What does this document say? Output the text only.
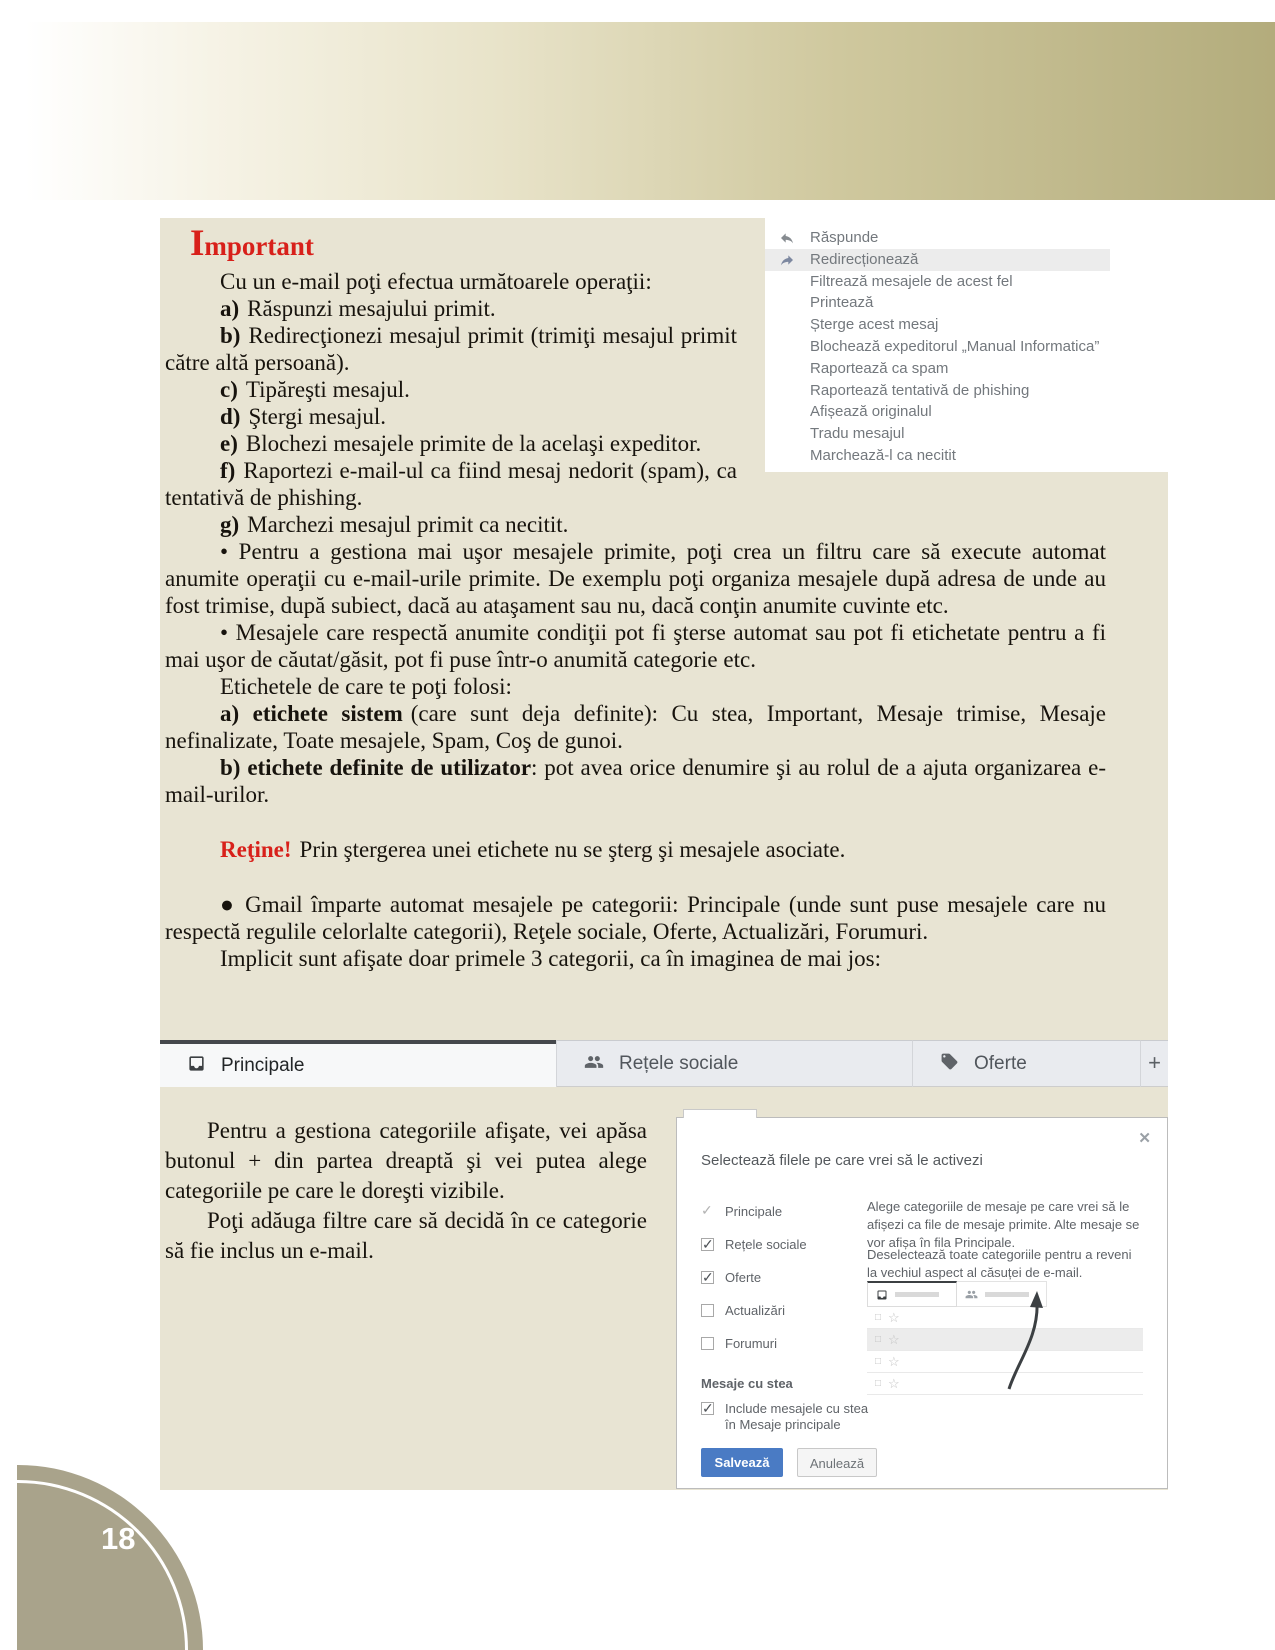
Răspunde
Redirecționează
Filtrează mesajele de acest fel
Printează
Șterge acest mesaj
Blochează expeditorul „Manual Informatica”
Raportează ca spam
Raportează tentativă de phishing
Afișează originalul
Tradu mesajul
Marchează-l ca necitit
Important

Cu un e-mail poţi efectua următoarele operaţii:

a) Răspunzi mesajului primit.

b) Redirecţionezi mesajul primit (trimiţi mesajul primit către altă persoană).

c) Tipăreşti mesajul.

d) Ştergi mesajul.

e) Blochezi mesajele primite de la acelaşi expeditor.

f) Raportezi e-mail-ul ca fiind mesaj nedorit (spam), ca tentativă de phishing.

g) Marchezi mesajul primit ca necitit.

• Pentru a gestiona mai uşor mesajele primite, poţi crea un filtru care să execute automat anumite operaţii cu e-mail-urile primite. De exemplu poţi organiza mesajele după adresa de unde au fost trimise, după subiect, dacă au ataşament sau nu, dacă conţin anumite cuvinte etc.

• Mesajele care respectă anumite condiţii pot fi şterse automat sau pot fi etichetate pentru a fi mai uşor de căutat/găsit, pot fi puse într-o anumită categorie etc.

Etichetele de care te poţi folosi:

a) etichete sistem (care sunt deja definite): Cu stea, Important, Mesaje trimise, Mesaje nefinalizate, Toate mesajele, Spam, Coş de gunoi.

b) etichete definite de utilizator: pot avea orice denumire şi au rolul de a ajuta organizarea e-mail-urilor.

Reţine! Prin ştergerea unei etichete nu se şterg şi mesajele asociate.

● Gmail împarte automat mesajele pe categorii: Principale (unde sunt puse mesajele care nu respectă regulile celorlalte categorii), Reţele sociale, Oferte, Actualizări, Forumuri.

Implicit sunt afişate doar primele 3 categorii, ca în imaginea de mai jos:

Principale	Rețele sociale	Oferte	+

Pentru a gestiona categoriile afişate, vei apăsa butonul + din partea dreaptă şi vei putea alege categoriile pe care le doreşti vizibile.

Poţi adăuga filtre care să decidă în ce categorie să fie inclus un e-mail.

✕
Selectează filele pe care vrei să le activezi
✓
Principale
✓
Rețele sociale
✓
Oferte
Actualizări
Forumuri
Mesaje cu stea
✓
Include mesajele cu stea în Mesaje principale
Salvează	Anulează
Alege categoriile de mesaje pe care vrei să le afișezi ca file de mesaje primite. Alte mesaje se vor afișa în fila Principale.
Deselectează toate categoriile pentru a reveni la vechiul aspect al căsuței de e-mail.
□ ☆
□ ☆
□ ☆
□ ☆
18
